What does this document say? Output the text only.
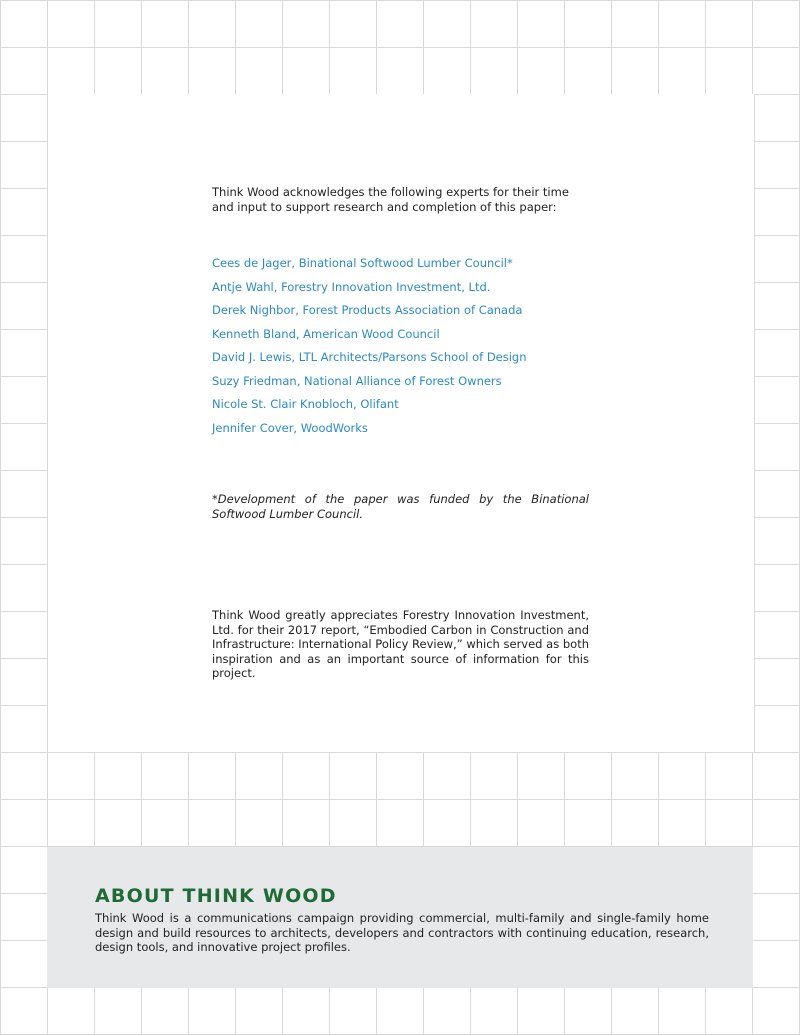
Think Wood acknowledges the following experts for their time and input to support research and completion of this paper:
Cees de Jager, Binational Softwood Lumber Council*
Antje Wahl, Forestry Innovation Investment, Ltd.
Derek Nighbor, Forest Products Association of Canada
Kenneth Bland, American Wood Council
David J. Lewis, LTL Architects/Parsons School of Design
Suzy Friedman, National Alliance of Forest Owners
Nicole St. Clair Knobloch, Olifant
Jennifer Cover, WoodWorks
*Development of the paper was funded by the Binational Softwood Lumber Council.
Think Wood greatly appreciates Forestry Innovation Investment, Ltd. for their 2017 report, “Embodied Carbon in Construction and Infrastructure: International Policy Review,” which served as both inspiration and as an important source of information for this project.
ABOUT THINK WOOD
Think Wood is a communications campaign providing commercial, multi-family and single-family home design and build resources to architects, developers and contractors with continuing education, research, design tools, and innovative project profiles.
